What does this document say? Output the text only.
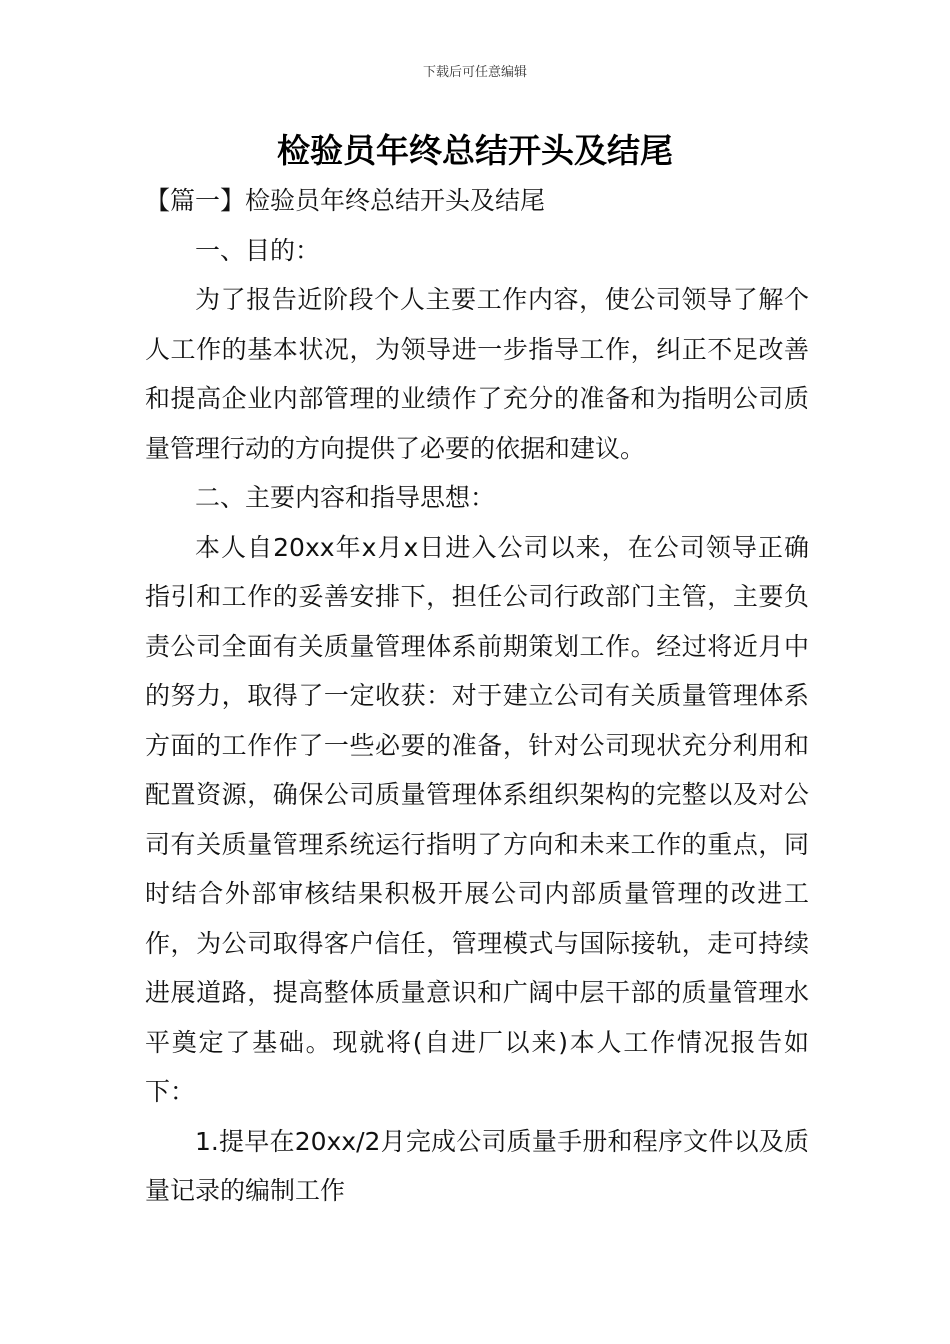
下载后可任意编辑
检验员年终总结开头及结尾

【篇一】检验员年终总结开头及结尾

一、目的：

为了报告近阶段个人主要工作内容，使公司领导了解个人工作的基本状况，为领导进一步指导工作，纠正不足改善和提高企业内部管理的业绩作了充分的准备和为指明公司质量管理行动的方向提供了必要的依据和建议。

二、主要内容和指导思想：

本人自20xx年x月x日进入公司以来，在公司领导正确指引和工作的妥善安排下，担任公司行政部门主管，主要负责公司全面有关质量管理体系前期策划工作。经过将近月中的努力，取得了一定收获：对于建立公司有关质量管理体系方面的工作作了一些必要的准备，针对公司现状充分利用和配置资源，确保公司质量管理体系组织架构的完整以及对公司有关质量管理系统运行指明了方向和未来工作的重点，同时结合外部审核结果积极开展公司内部质量管理的改进工作，为公司取得客户信任，管理模式与国际接轨，走可持续进展道路，提高整体质量意识和广阔中层干部的质量管理水平奠定了基础。现就将(自进厂以来)本人工作情况报告如下：

1.提早在20xx/2月完成公司质量手册和程序文件以及质量记录的编制工作
